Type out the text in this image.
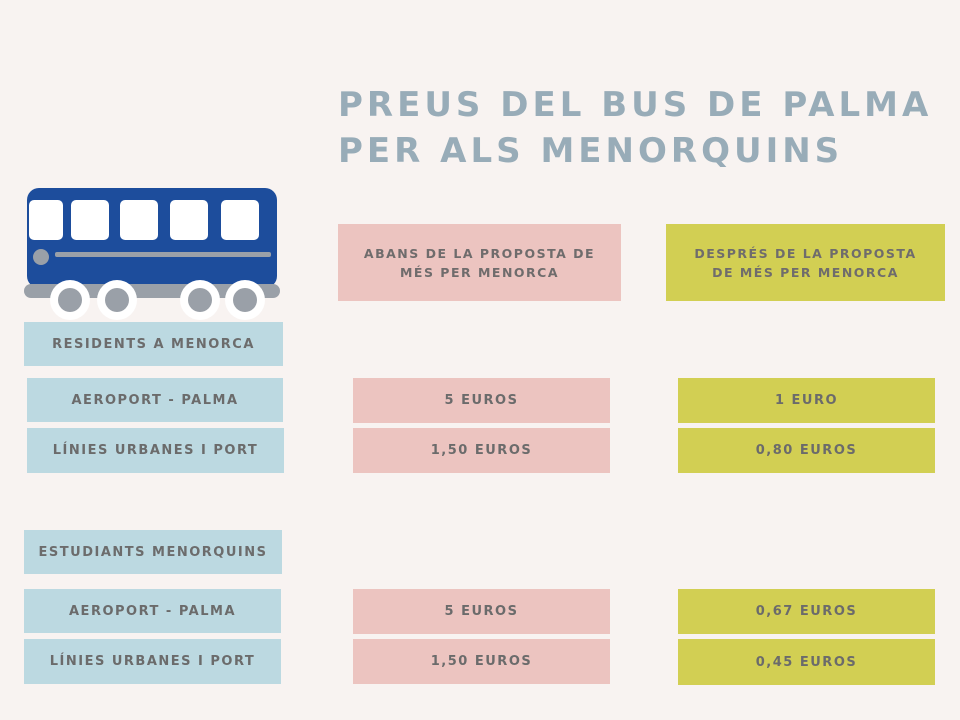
PREUS DEL BUS DE PALMA
PER ALS MENORQUINS
ABANS DE LA PROPOSTA DE MÉS PER MENORCA
DESPRÉS DE LA PROPOSTA DE MÉS PER MENORCA
RESIDENTS A MENORCA
AEROPORT - PALMA	5 EUROS	1 EURO
LÍNIES URBANES I PORT	1,50 EUROS	0,80 EUROS
ESTUDIANTS MENORQUINS
AEROPORT - PALMA	5 EUROS	0,67 EUROS
LÍNIES URBANES I PORT	1,50 EUROS	0,45 EUROS
